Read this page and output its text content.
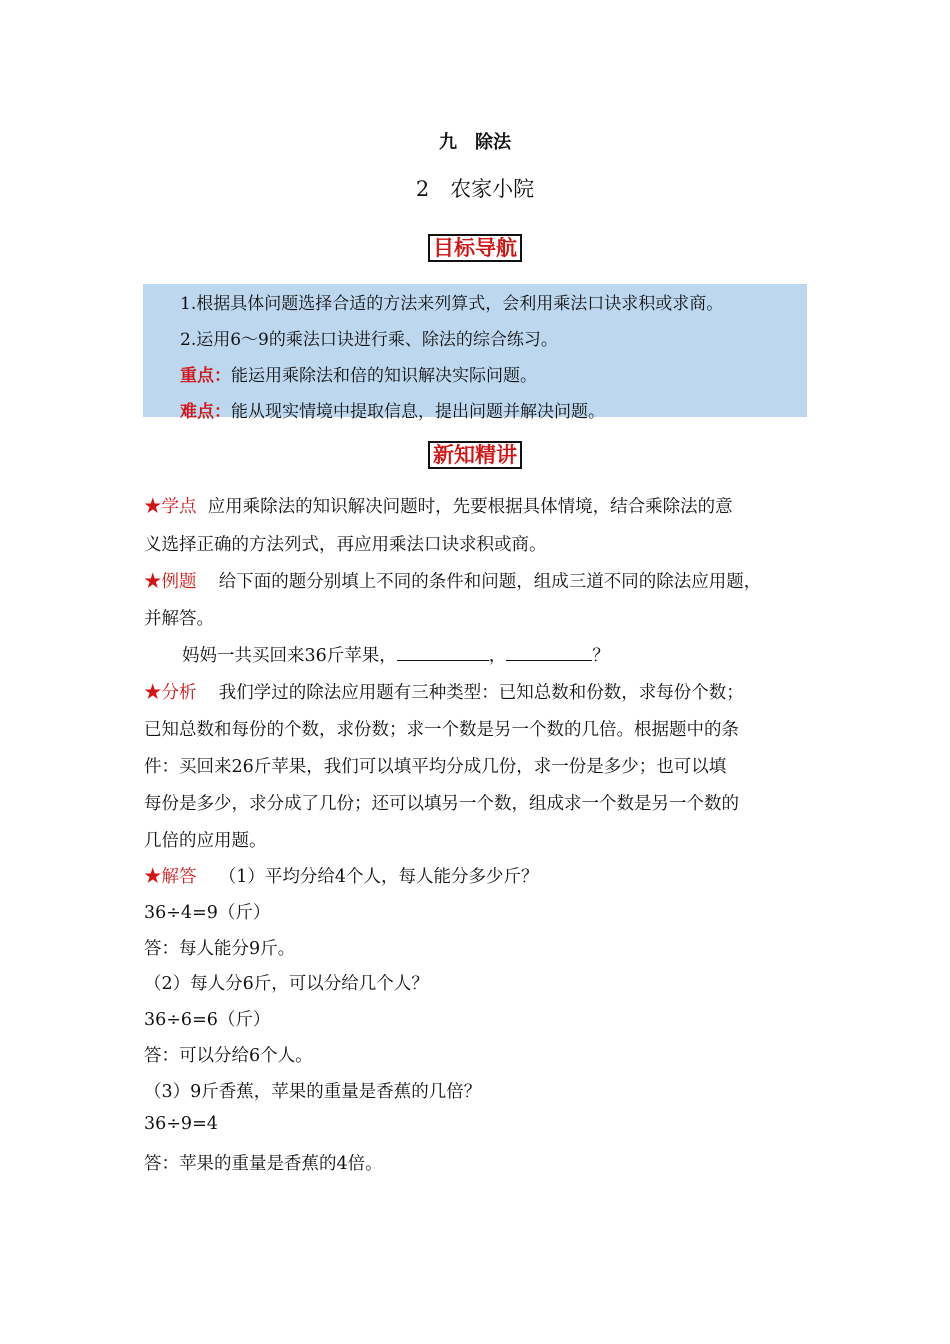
九　除法
2　农家小院
目标导航
1.根据具体问题选择合适的方法来列算式，会利用乘法口诀求积或求商。
2.运用6～9的乘法口诀进行乘、除法的综合练习。
重点：能运用乘除法和倍的知识解决实际问题。
难点：能从现实情境中提取信息，提出问题并解决问题。
新知精讲
★学点 应用乘除法的知识解决问题时，先要根据具体情境，结合乘除法的意
义选择正确的方法列式，再应用乘法口诀求积或商。
★例题 给下面的题分别填上不同的条件和问题，组成三道不同的除法应用题，
并解答。
妈妈一共买回来36斤苹果，	，	？
★分析 我们学过的除法应用题有三种类型：已知总数和份数，求每份个数；
已知总数和每份的个数，求份数；求一个数是另一个数的几倍。根据题中的条
件：买回来26斤苹果，我们可以填平均分成几份，求一份是多少；也可以填
每份是多少，求分成了几份；还可以填另一个数，组成求一个数是另一个数的
几倍的应用题。
★解答 （1）平均分给4个人，每人能分多少斤？
36÷4=9（斤）
答：每人能分9斤。
（2）每人分6斤，可以分给几个人？
36÷6=6（斤）
答：可以分给6个人。
（3）9斤香蕉，苹果的重量是香蕉的几倍？
36÷9=4
答：苹果的重量是香蕉的4倍。
